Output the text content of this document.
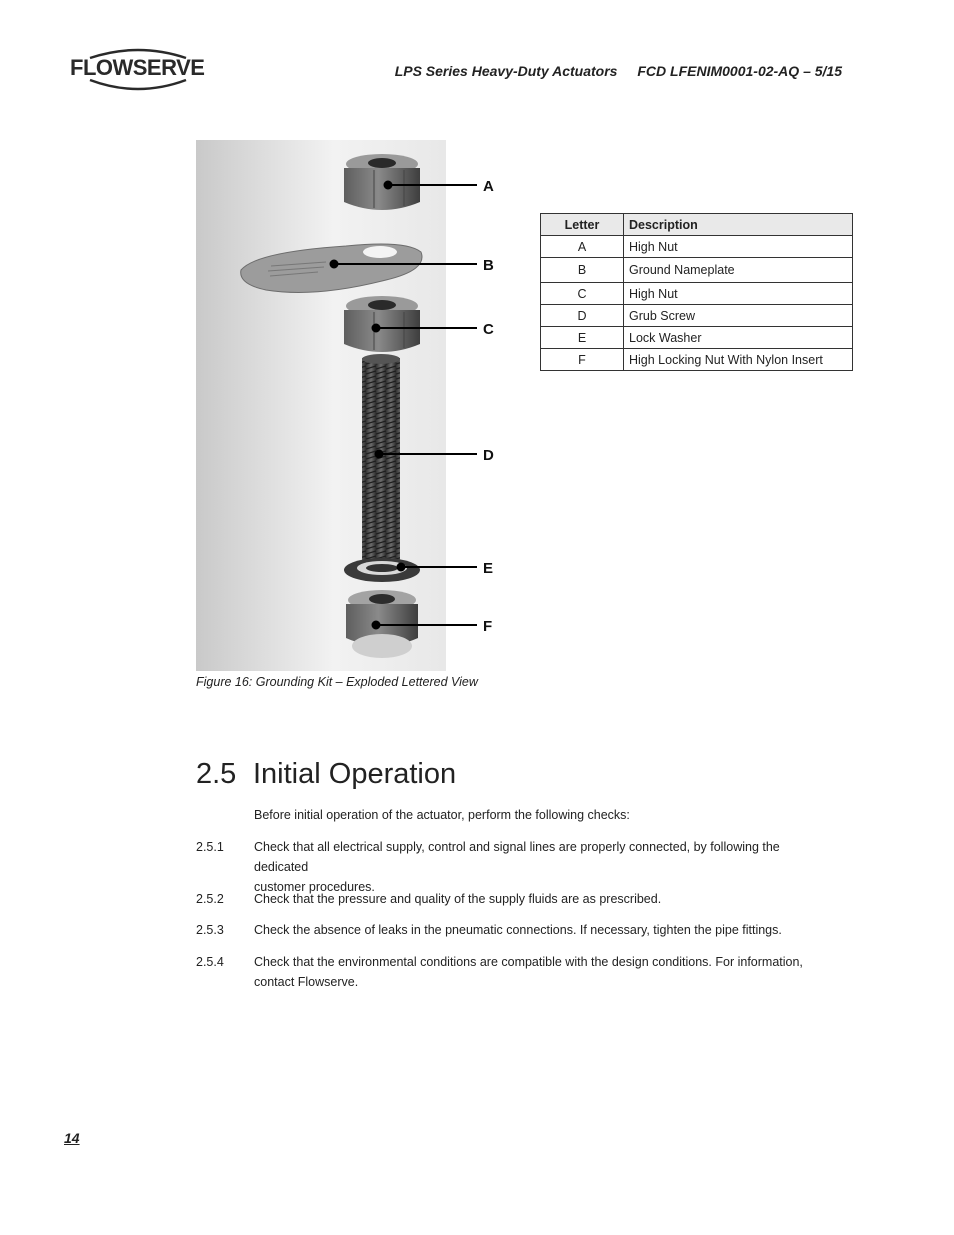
FLOWSERVE	LPS Series Heavy-Duty Actuators FCD LFENIM0001-02-AQ – 5/15
A
B
C
D
E
F
Figure 16: Grounding Kit – Exploded Lettered View
Letter	Description
A	High Nut
B	Ground Nameplate
C	High Nut
D	Grub Screw
E	Lock Washer
F	High Locking Nut With Nylon Insert
2.5 Initial Operation
Before initial operation of the actuator, perform the following checks:
2.5.1 Check that all electrical supply, control and signal lines are properly connected, by following the dedicated
customer procedures.
2.5.2 Check that the pressure and quality of the supply fluids are as prescribed.
2.5.3 Check the absence of leaks in the pneumatic connections. If necessary, tighten the pipe fittings.
2.5.4 Check that the environmental conditions are compatible with the design conditions. For information,
contact Flowserve.
14
